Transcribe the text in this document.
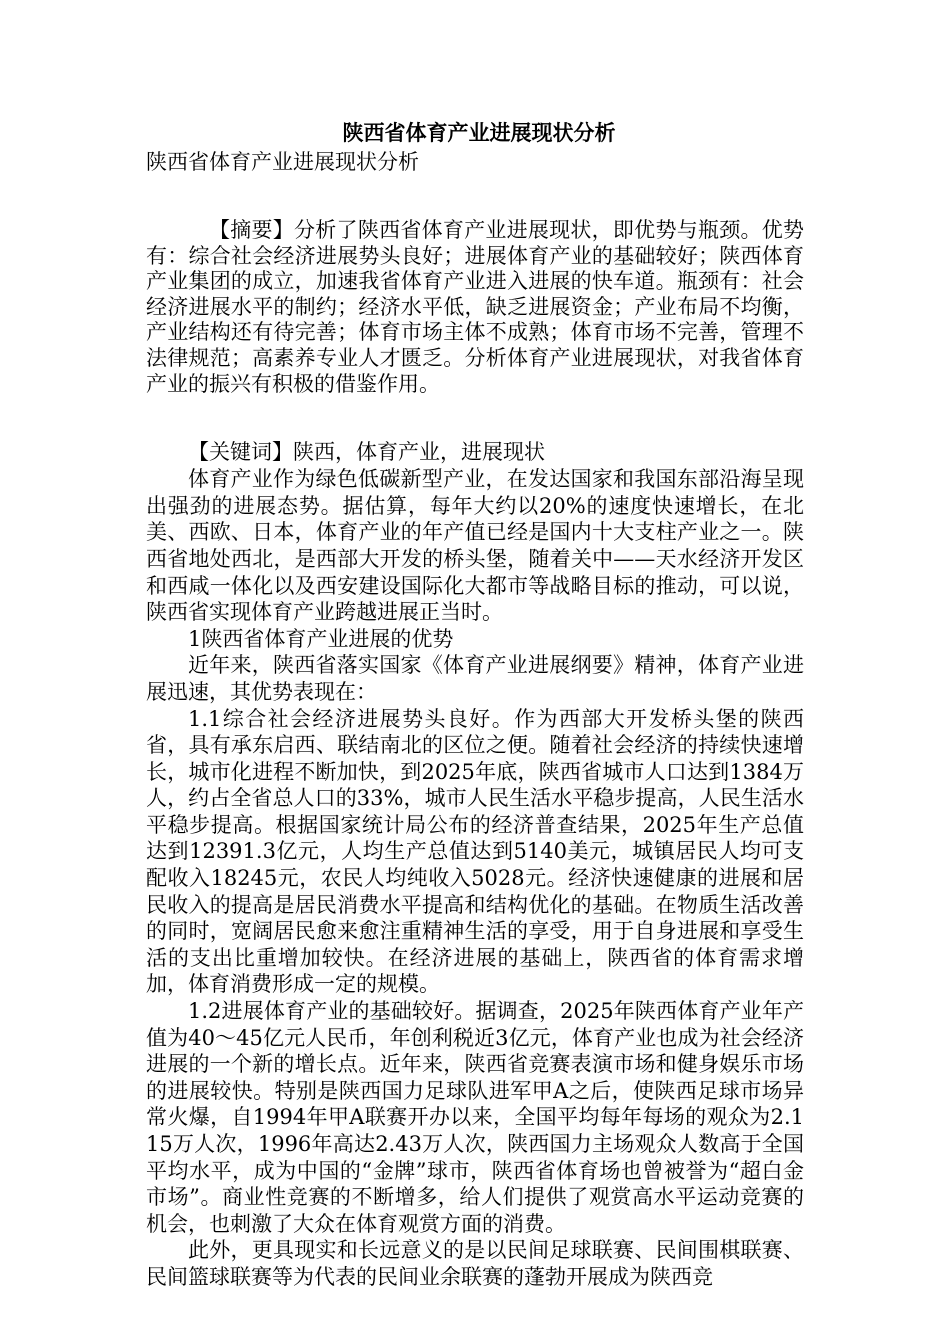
陕西省体育产业进展现状分析
陕西省体育产业进展现状分析

【摘要】分析了陕西省体育产业进展现状，即优势与瓶颈。优势有：综合社会经济进展势头良好；进展体育产业的基础较好；陕西体育产业集团的成立，加速我省体育产业进入进展的快车道。瓶颈有：社会经济进展水平的制约；经济水平低，缺乏进展资金；产业布局不均衡，产业结构还有待完善；体育市场主体不成熟；体育市场不完善，管理不法律规范；高素养专业人才匮乏。分析体育产业进展现状，对我省体育产业的振兴有积极的借鉴作用。

【关键词】陕西，体育产业，进展现状

体育产业作为绿色低碳新型产业，在发达国家和我国东部沿海呈现出强劲的进展态势。据估算，每年大约以20%的速度快速增长，在北美、西欧、日本，体育产业的年产值已经是国内十大支柱产业之一。陕西省地处西北，是西部大开发的桥头堡，随着关中——天水经济开发区和西咸一体化以及西安建设国际化大都市等战略目标的推动，可以说，陕西省实现体育产业跨越进展正当时。

1陕西省体育产业进展的优势

近年来，陕西省落实国家《体育产业进展纲要》精神，体育产业进展迅速，其优势表现在：

1.1综合社会经济进展势头良好。作为西部大开发桥头堡的陕西省，具有承东启西、联结南北的区位之便。随着社会经济的持续快速增长，城市化进程不断加快，到2025年底，陕西省城市人口达到1384万人，约占全省总人口的33%，城市人民生活水平稳步提高，人民生活水平稳步提高。根据国家统计局公布的经济普查结果，2025年生产总值达到12391.3亿元，人均生产总值达到5140美元，城镇居民人均可支配收入18245元，农民人均纯收入5028元。经济快速健康的进展和居民收入的提高是居民消费水平提高和结构优化的基础。在物质生活改善的同时，宽阔居民愈来愈注重精神生活的享受，用于自身进展和享受生活的支出比重增加较快。在经济进展的基础上，陕西省的体育需求增加，体育消费形成一定的规模。

1.2进展体育产业的基础较好。据调查，2025年陕西体育产业年产值为40～45亿元人民币，年创利税近3亿元，体育产业也成为社会经济进展的一个新的增长点。近年来，陕西省竞赛表演市场和健身娱乐市场的进展较快。特别是陕西国力足球队进军甲A之后，使陕西足球市场异常火爆，自1994年甲A联赛开办以来，全国平均每年每场的观众为2.115万人次，1996年高达2.43万人次，陕西国力主场观众人数高于全国平均水平，成为中国的“金牌”球市，陕西省体育场也曾被誉为“超白金市场”。商业性竞赛的不断增多，给人们提供了观赏高水平运动竞赛的机会，也刺激了大众在体育观赏方面的消费。

此外，更具现实和长远意义的是以民间足球联赛、民间围棋联赛、民间篮球联赛等为代表的民间业余联赛的蓬勃开展成为陕西竞
